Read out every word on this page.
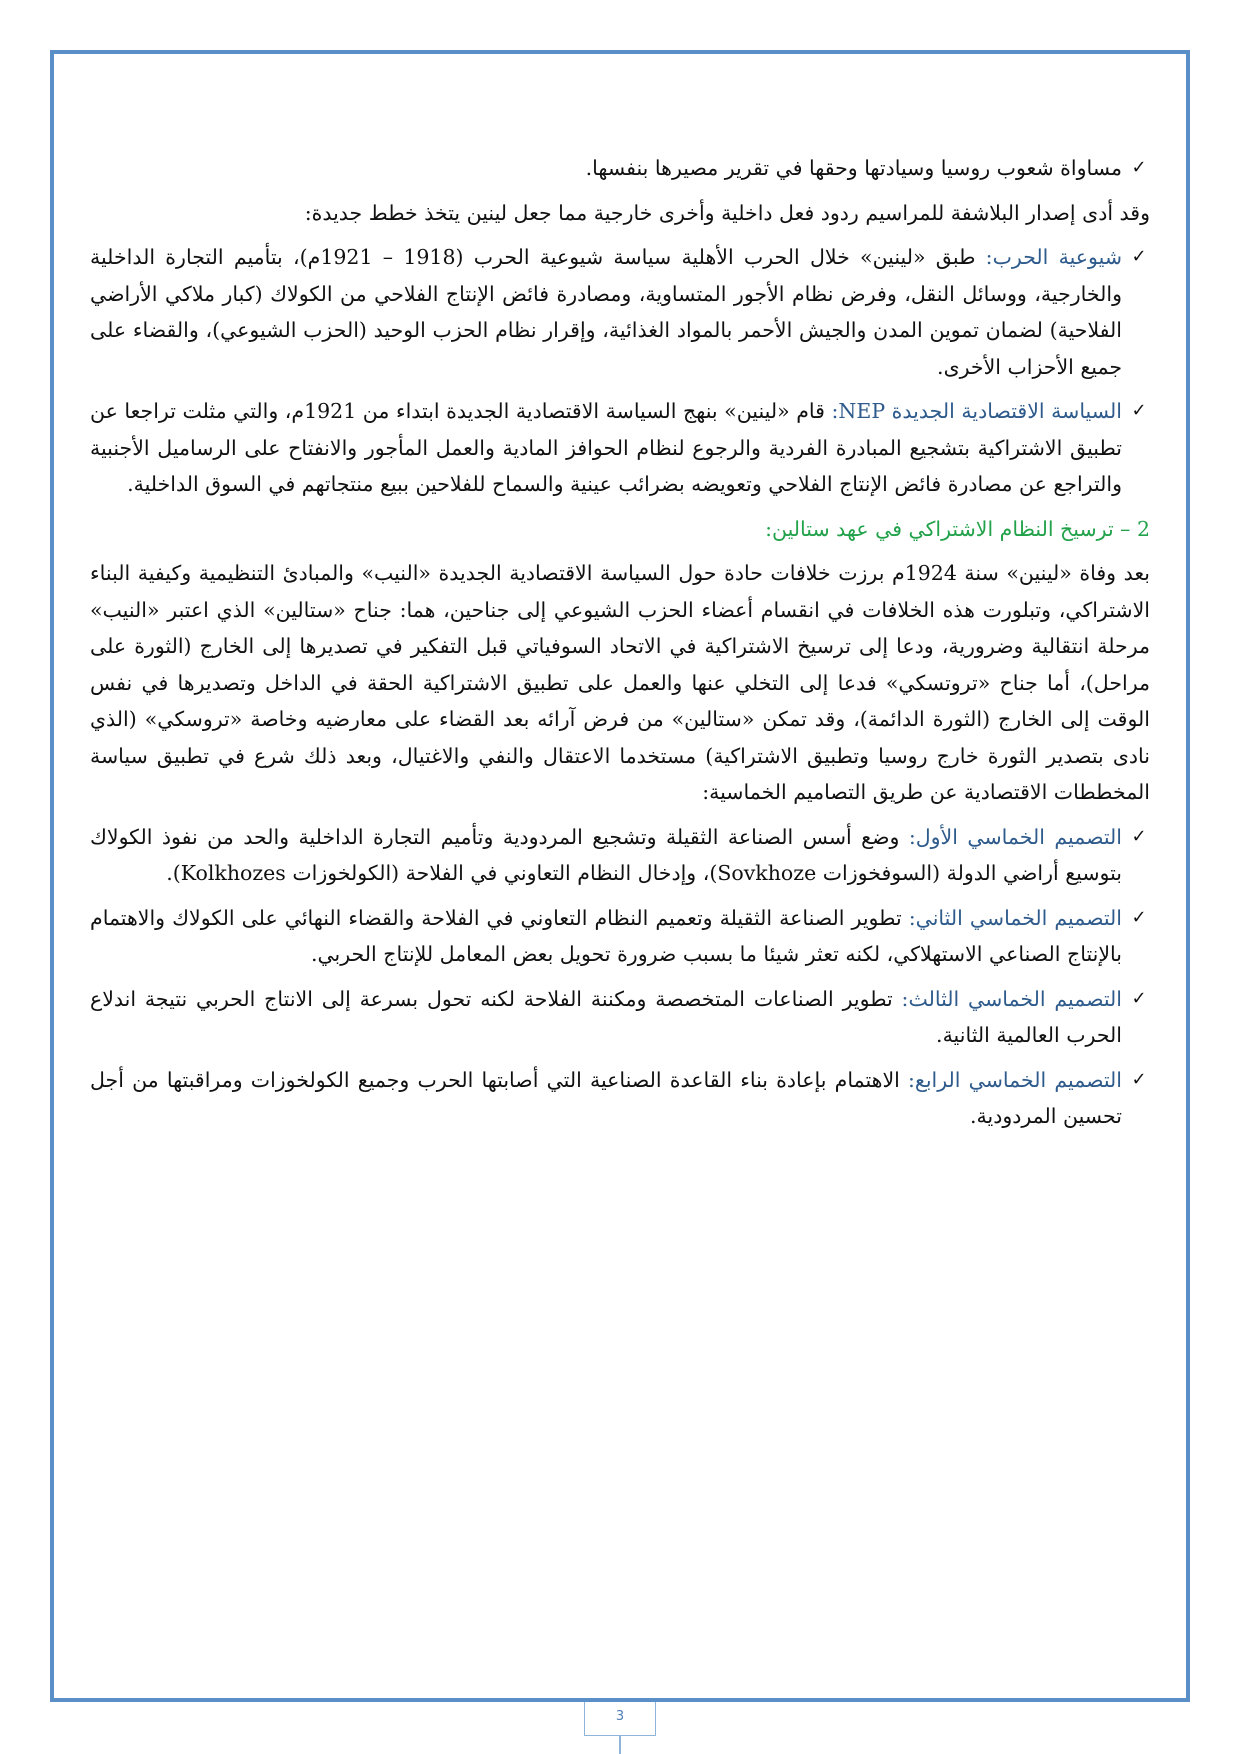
✓
مساواة شعوب روسيا وسيادتها وحقها في تقرير مصيرها بنفسها.

وقد أدى إصدار البلاشفة للمراسيم ردود فعل داخلية وأخرى خارجية مما جعل لينين يتخذ خطط جديدة:

✓
شيوعية الحرب: طبق «لينين» خلال الحرب الأهلية سياسة شيوعية الحرب (1918 – 1921م)، بتأميم التجارة الداخلية والخارجية، ووسائل النقل، وفرض نظام الأجور المتساوية، ومصادرة فائض الإنتاج الفلاحي من الكولاك (كبار ملاكي الأراضي الفلاحية) لضمان تموين المدن والجيش الأحمر بالمواد الغذائية، وإقرار نظام الحزب الوحيد (الحزب الشيوعي)، والقضاء على جميع الأحزاب الأخرى.
✓
السياسة الاقتصادية الجديدة NEP: قام «لينين» بنهج السياسة الاقتصادية الجديدة ابتداء من 1921م، والتي مثلت تراجعا عن تطبيق الاشتراكية بتشجيع المبادرة الفردية والرجوع لنظام الحوافز المادية والعمل المأجور والانفتاح على الرساميل الأجنبية والتراجع عن مصادرة فائض الإنتاج الفلاحي وتعويضه بضرائب عينية والسماح للفلاحين ببيع منتجاتهم في السوق الداخلية.

2 – ترسيخ النظام الاشتراكي في عهد ستالين:

بعد وفاة «لينين» سنة 1924م برزت خلافات حادة حول السياسة الاقتصادية الجديدة «النيب» والمبادئ التنظيمية وكيفية البناء الاشتراكي، وتبلورت هذه الخلافات في انقسام أعضاء الحزب الشيوعي إلى جناحين، هما: جناح «ستالين» الذي اعتبر «النيب» مرحلة انتقالية وضرورية، ودعا إلى ترسيخ الاشتراكية في الاتحاد السوفياتي قبل التفكير في تصديرها إلى الخارج (الثورة على مراحل)، أما جناح «تروتسكي» فدعا إلى التخلي عنها والعمل على تطبيق الاشتراكية الحقة في الداخل وتصديرها في نفس الوقت إلى الخارج (الثورة الدائمة)، وقد تمكن «ستالين» من فرض آرائه بعد القضاء على معارضيه وخاصة «تروسكي» (الذي نادى بتصدير الثورة خارج روسيا وتطبيق الاشتراكية) مستخدما الاعتقال والنفي والاغتيال، وبعد ذلك شرع في تطبيق سياسة المخططات الاقتصادية عن طريق التصاميم الخماسية:

✓
التصميم الخماسي الأول: وضع أسس الصناعة الثقيلة وتشجيع المردودية وتأميم التجارة الداخلية والحد من نفوذ الكولاك بتوسيع أراضي الدولة (السوفخوزات Sovkhoze)، وإدخال النظام التعاوني في الفلاحة (الكولخوزات Kolkhozes).
✓
التصميم الخماسي الثاني: تطوير الصناعة الثقيلة وتعميم النظام التعاوني في الفلاحة والقضاء النهائي على الكولاك والاهتمام بالإنتاج الصناعي الاستهلاكي، لكنه تعثر شيئا ما بسبب ضرورة تحويل بعض المعامل للإنتاج الحربي.
✓
التصميم الخماسي الثالث: تطوير الصناعات المتخصصة ومكننة الفلاحة لكنه تحول بسرعة إلى الانتاج الحربي نتيجة اندلاع الحرب العالمية الثانية.
✓
التصميم الخماسي الرابع: الاهتمام بإعادة بناء القاعدة الصناعية التي أصابتها الحرب وجميع الكولخوزات ومراقبتها من أجل تحسين المردودية.
3
